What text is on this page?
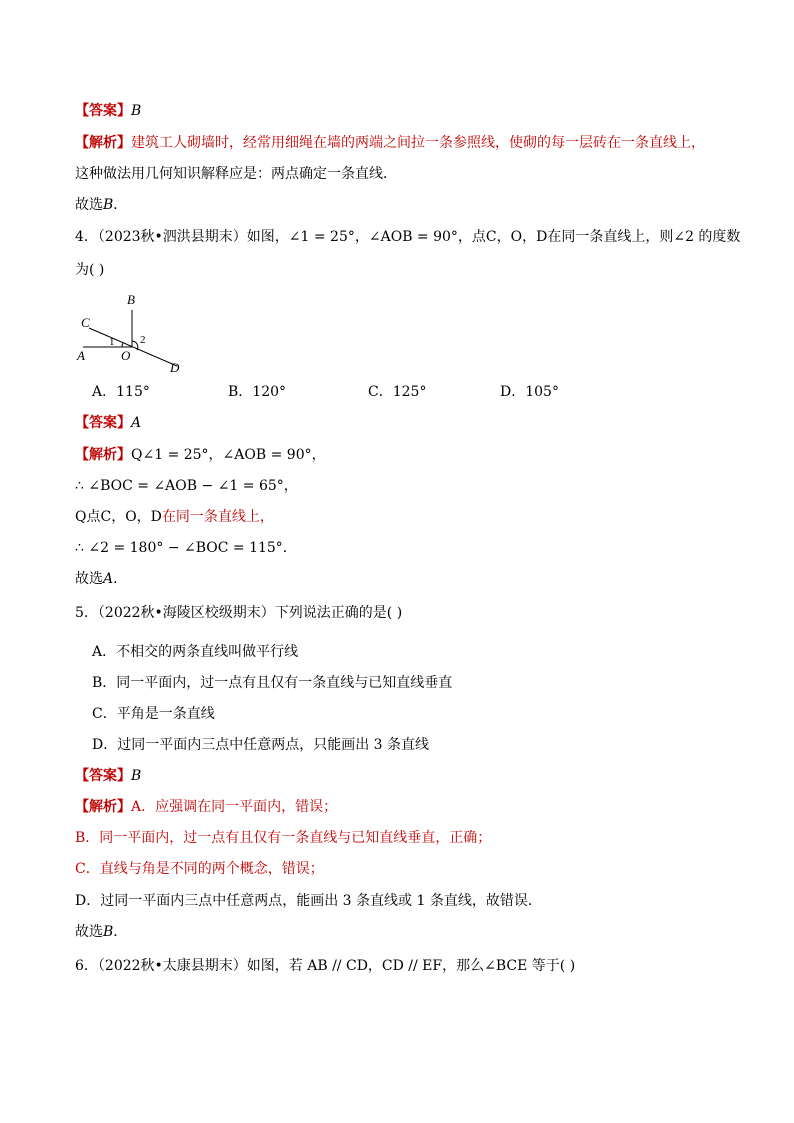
【答案】B
【解析】建筑工人砌墙时，经常用细绳在墙的两端之间拉一条参照线，使砌的每一层砖在一条直线上，
这种做法用几何知识解释应是：两点确定一条直线．
故选B．
4．（2023秋•泗洪县期末）如图，∠1 = 25°，∠AOB = 90°，点C，O，D在同一条直线上，则∠2 的度数
为( )
B
C
A	O
D
1 2
A．115°	B．120°	C．125°	D．105°
【答案】A
【解析】Q∠1 = 25°，∠AOB = 90°，
∴ ∠BOC = ∠AOB − ∠1 = 65°，
Q点C，O，D在同一条直线上，
∴ ∠2 = 180° − ∠BOC = 115°．
故选A．
5．（2022秋•海陵区校级期末）下列说法正确的是( )
A．不相交的两条直线叫做平行线
B．同一平面内，过一点有且仅有一条直线与已知直线垂直
C．平角是一条直线
D．过同一平面内三点中任意两点，只能画出 3 条直线
【答案】B
【解析】A．应强调在同一平面内，错误；
B．同一平面内，过一点有且仅有一条直线与已知直线垂直，正确；
C．直线与角是不同的两个概念，错误；
D．过同一平面内三点中任意两点，能画出 3 条直线或 1 条直线，故错误．
故选B．
6．（2022秋•太康县期末）如图，若 AB // CD，CD // EF，那么∠BCE 等于( )
